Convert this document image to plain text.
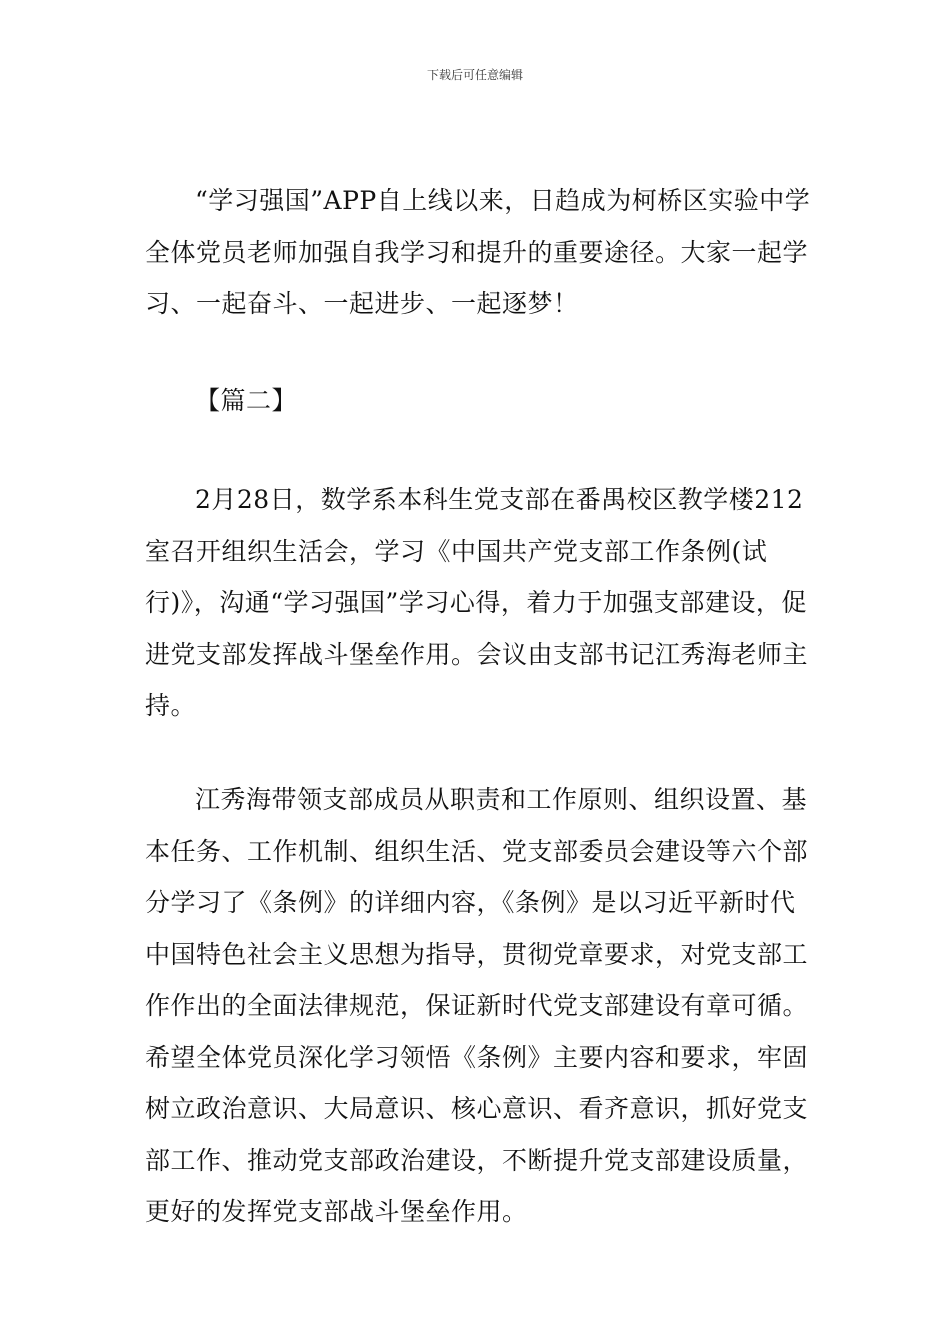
下载后可任意编辑

“学习强国”APP自上线以来，日趋成为柯桥区实验中学全体党员老师加强自我学习和提升的重要途径。大家一起学习、一起奋斗、一起进步、一起逐梦！

【篇二】

2月28日，数学系本科生党支部在番禺校区教学楼212室召开组织生活会，学习《中国共产党支部工作条例(试行)》，沟通“学习强国”学习心得，着力于加强支部建设，促进党支部发挥战斗堡垒作用。会议由支部书记江秀海老师主持。

江秀海带领支部成员从职责和工作原则、组织设置、基本任务、工作机制、组织生活、党支部委员会建设等六个部分学习了《条例》的详细内容，《条例》是以习近平新时代中国特色社会主义思想为指导，贯彻党章要求，对党支部工作作出的全面法律规范，保证新时代党支部建设有章可循。希望全体党员深化学习领悟《条例》主要内容和要求，牢固树立政治意识、大局意识、核心意识、看齐意识，抓好党支部工作、推动党支部政治建设，不断提升党支部建设质量，更好的发挥党支部战斗堡垒作用。
